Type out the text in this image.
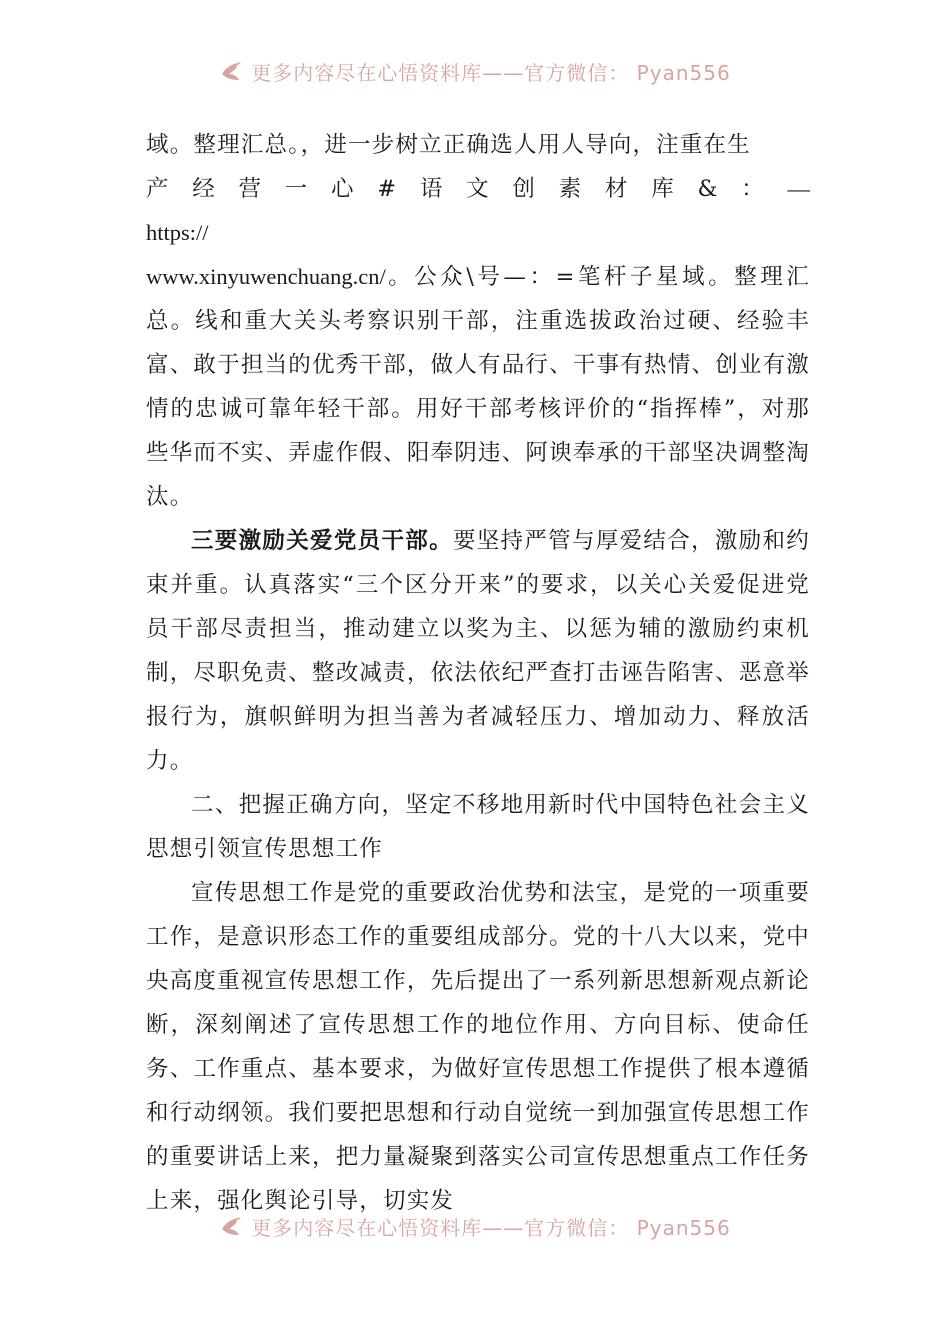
更多内容尽在心悟资料库——官方微信： Pyan556

域。整理汇总。，进一步树立正确选人用人导向，注重在生
产经营一心#语文创素材库&：— https://
www.xinyuwenchuang.cn/。公众\号—：=笔杆子星域。整理汇总。线和重大关头考察识别干部，注重选拔政治过硬、经验丰富、敢于担当的优秀干部，做人有品行、干事有热情、创业有激情的忠诚可靠年轻干部。用好干部考核评价的“指挥棒”，对那些华而不实、弄虚作假、阳奉阴违、阿谀奉承的干部坚决调整淘汰。

三要激励关爱党员干部。要坚持严管与厚爱结合，激励和约束并重。认真落实“三个区分开来”的要求，以关心关爱促进党员干部尽责担当，推动建立以奖为主、以惩为辅的激励约束机制，尽职免责、整改减责，依法依纪严查打击诬告陷害、恶意举报行为，旗帜鲜明为担当善为者减轻压力、增加动力、释放活力。

二、把握正确方向，坚定不移地用新时代中国特色社会主义思想引领宣传思想工作

宣传思想工作是党的重要政治优势和法宝，是党的一项重要工作，是意识形态工作的重要组成部分。党的十八大以来，党中央高度重视宣传思想工作，先后提出了一系列新思想新观点新论断，深刻阐述了宣传思想工作的地位作用、方向目标、使命任务、工作重点、基本要求，为做好宣传思想工作提供了根本遵循和行动纲领。我们要把思想和行动自觉统一到加强宣传思想工作的重要讲话上来，把力量凝聚到落实公司宣传思想重点工作任务上来，强化舆论引导，切实发

更多内容尽在心悟资料库——官方微信： Pyan556
